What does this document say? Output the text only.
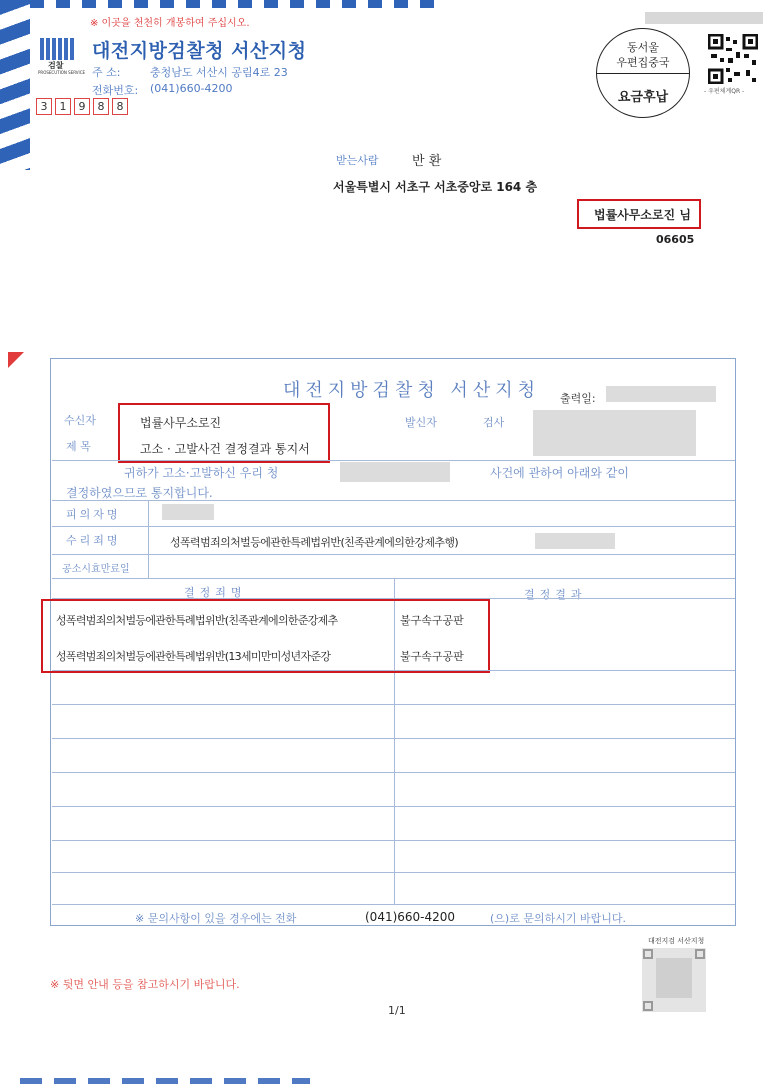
※ 이곳을 천천히 개봉하여 주십시오.
검찰
PROSECUTION SERVICE
대전지방검찰청 서산지청
주 소:	충청남도 서산시 공림4로 23
전화번호: (041)660-4200
3	1	9	8	8
동서울
우편집중국
요금후납	- 우편체계QR -
받는사람	반 환
서울특별시 서초구 서초중앙로 164 층
법률사무소로진 님
06605
대전지방검찰청 서산지청 출력일:
수신자	법률사무소로진
제 목	고소 · 고발사건 결정결과 통지서
발신자	검사
귀하가 고소·고발하신 우리 청	사건에 관하여 아래와 같이
결정하였으므로 통지합니다.
피의자명
수리죄명	성폭력범죄의처벌등에관한특례법위반(친족관계에의한강제추행)
공소시효만료일
결정죄명	결정결과
성폭력범죄의처벌등에관한특례법위반(친족관계에의한준강제추	불구속구공판
성폭력범죄의처벌등에관한특례법위반(13세미만미성년자준강	불구속구공판
※ 문의사항이 있을 경우에는 전화	(041)660-4200	(으)로 문의하시기 바랍니다.
※ 뒷면 안내 등을 참고하시기 바랍니다.
1/1
대전지검 서산지청
